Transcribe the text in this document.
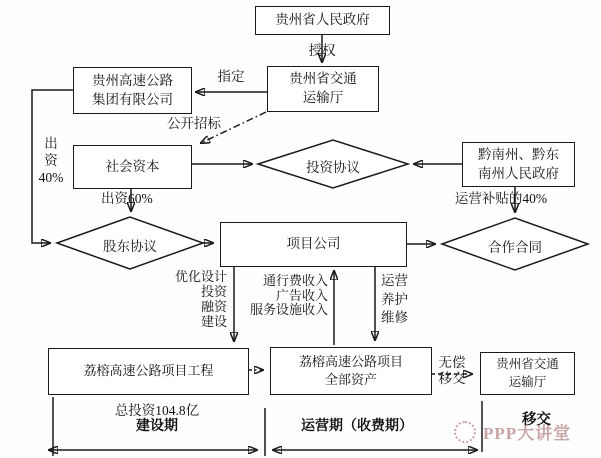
PPP大讲堂
贵州省人民政府
贵州省交通
运输厅
贵州高速公路
集团有限公司
社会资本
黔南州、黔东
南州人民政府
项目公司
荔榕高速公路项目工程
荔榕高速公路项目
全部资产
贵州省交通
运输厅
投资协议
股东协议	合作合同
授权
指定
公开招标
出
资
40%
出资60%	运营补贴的40%
优化设计
投资
融资
建设
通行费收入
广告收入
服务设施收入
运营
养护
维修
无偿
移交
总投资104.8亿
建设期	运营期（收费期）	移交
